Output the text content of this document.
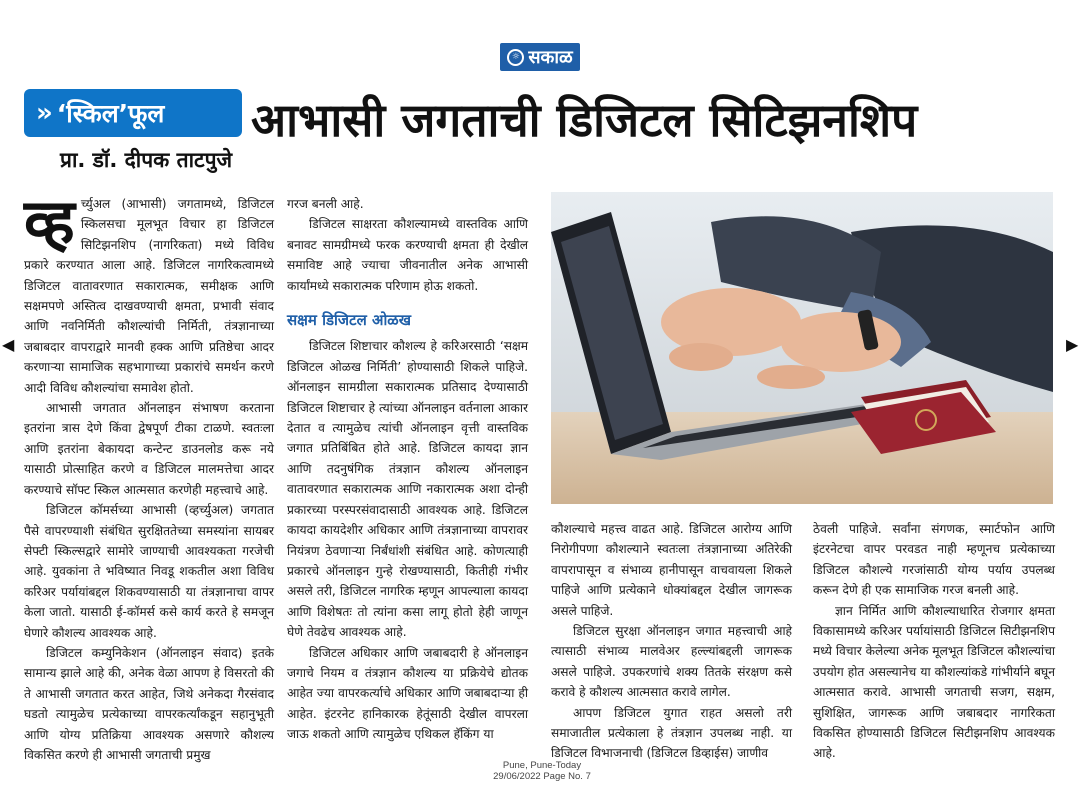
☼ सकाळ
» ‘स्किल’फूल आभासी जगताची डिजिटल सिटिझनशिप
प्रा. डॉ. दीपक ताटपुजे
◀	▶

व्ह र्च्युअल (आभासी) जगतामध्ये, डिजिटल स्किलसचा मूलभूत विचार हा डिजिटल सिटिझनशिप (नागरिकता) मध्ये विविध प्रकारे करण्यात आला आहे. डिजिटल नागरिकत्वामध्ये डिजिटल वातावरणात सकारात्मक, समीक्षक आणि सक्षमपणे अस्तित्व दाखवण्याची क्षमता, प्रभावी संवाद आणि नवनिर्मिती कौशल्यांची निर्मिती, तंत्रज्ञानाच्या जबाबदार वापराद्वारे मानवी हक्क आणि प्रतिष्ठेचा आदर करणाऱ्या सामाजिक सहभागाच्या प्रकारांचे समर्थन करणे आदी विविध कौशल्यांचा समावेश होतो.

आभासी जगतात ऑनलाइन संभाषण करताना इतरांना त्रास देणे किंवा द्वेषपूर्ण टीका टाळणे. स्वतःला आणि इतरांना बेकायदा कन्टेन्ट डाउनलोड करू नये यासाठी प्रोत्साहित करणे व डिजिटल मालमत्तेचा आदर करण्याचे सॉफ्ट स्किल आत्मसात करणेही महत्त्वाचे आहे.

डिजिटल कॉमर्सच्या आभासी (व्हर्च्युअल) जगतात पैसे वापरण्याशी संबंधित सुरक्षिततेच्या समस्यांना सायबर सेफ्टी स्किल्सद्वारे सामोरे जाण्याची आवश्यकता गरजेची आहे. युवकांना ते भविष्यात निवडू शकतील अशा विविध करिअर पर्यायांबद्दल शिकवण्यासाठी या तंत्रज्ञानाचा वापर केला जातो. यासाठी ई-कॉमर्स कसे कार्य करते हे समजून घेणारे कौशल्य आवश्यक आहे.

डिजिटल कम्युनिकेशन (ऑनलाइन संवाद) इतके सामान्य झाले आहे की, अनेक वेळा आपण हे विसरतो की ते आभासी जगतात करत आहेत, जिथे अनेकदा गैरसंवाद घडतो त्यामुळेच प्रत्येकाच्या वापरकर्त्यांकडून सहानुभूती आणि योग्य प्रतिक्रिया आवश्यक असणारे कौशल्य विकसित करणे ही आभासी जगताची प्रमुख

गरज बनली आहे.

डिजिटल साक्षरता कौशल्यामध्ये वास्तविक आणि बनावट सामग्रीमध्ये फरक करण्याची क्षमता ही देखील समाविष्ट आहे ज्याचा जीवनातील अनेक आभासी कार्यांमध्ये सकारात्मक परिणाम होऊ शकतो.

सक्षम डिजिटल ओळख

डिजिटल शिष्टाचार कौशल्य हे करिअरसाठी ‘सक्षम डिजिटल ओळख निर्मिती’ होण्यासाठी शिकले पाहिजे. ऑनलाइन सामग्रीला सकारात्मक प्रतिसाद देण्यासाठी डिजिटल शिष्टाचार हे त्यांच्या ऑनलाइन वर्तनाला आकार देतात व त्यामुळेच त्यांची ऑनलाइन वृत्ती वास्तविक जगात प्रतिबिंबित होते आहे. डिजिटल कायदा ज्ञान आणि तदनुषंगिक तंत्रज्ञान कौशल्य ऑनलाइन वातावरणात सकारात्मक आणि नकारात्मक अशा दोन्ही प्रकारच्या परस्परसंवादासाठी आवश्यक आहे. डिजिटल कायदा कायदेशीर अधिकार आणि तंत्रज्ञानाच्या वापरावर नियंत्रण ठेवणाऱ्या निर्बंधांशी संबंधित आहे. कोणत्याही प्रकारचे ऑनलाइन गुन्हे रोखण्यासाठी, कितीही गंभीर असले तरी, डिजिटल नागरिक म्हणून आपल्याला कायदा आणि विशेषतः तो त्यांना कसा लागू होतो हेही जाणून घेणे तेवढेच आवश्यक आहे.

डिजिटल अधिकार आणि जबाबदारी हे ऑनलाइन जगाचे नियम व तंत्रज्ञान कौशल्य या प्रक्रियेचे द्योतक आहेत ज्या वापरकर्त्याचे अधिकार आणि जबाबदाऱ्या ही आहेत. इंटरनेट हानिकारक हेतूंसाठी देखील वापरला जाऊ शकतो आणि त्यामुळेच एथिकल हॅकिंग या

कौशल्याचे महत्त्व वाढत आहे. डिजिटल आरोग्य आणि निरोगीपणा कौशल्याने स्वतःला तंत्रज्ञानाच्या अतिरेकी वापरापासून व संभाव्य हानीपासून वाचवायला शिकले पाहिजे आणि प्रत्येकाने धोक्यांबद्दल देखील जागरूक असले पाहिजे.

डिजिटल सुरक्षा ऑनलाइन जगात महत्त्वाची आहे त्यासाठी संभाव्य मालवेअर हल्ल्यांबद्दली जागरूक असले पाहिजे. उपकरणांचे शक्य तितके संरक्षण कसे करावे हे कौशल्य आत्मसात करावे लागेल.

आपण डिजिटल युगात राहत असलो तरी समाजातील प्रत्येकाला हे तंत्रज्ञान उपलब्ध नाही. या डिजिटल विभाजनाची (डिजिटल डिव्हाईस) जाणीव

ठेवली पाहिजे. सर्वांना संगणक, स्मार्टफोन आणि इंटरनेटचा वापर परवडत नाही म्हणूनच प्रत्येकाच्या डिजिटल कौशल्ये गरजांसाठी योग्य पर्याय उपलब्ध करून देणे ही एक सामाजिक गरज बनली आहे.

ज्ञान निर्मित आणि कौशल्याधारित रोजगार क्षमता विकासामध्ये करिअर पर्यायांसाठी डिजिटल सिटीझनशिप मध्ये विचार केलेल्या अनेक मूलभूत डिजिटल कौशल्यांचा उपयोग होत असल्यानेच या कौशल्यांकडे गांभीर्याने बघून आत्मसात करावे. आभासी जगताची सजग, सक्षम, सुशिक्षित, जागरूक आणि जबाबदार नागरिकता विकसित होण्यासाठी डिजिटल सिटीझनशिप आवश्यक आहे.

Pune, Pune-Today
29/06/2022 Page No. 7
